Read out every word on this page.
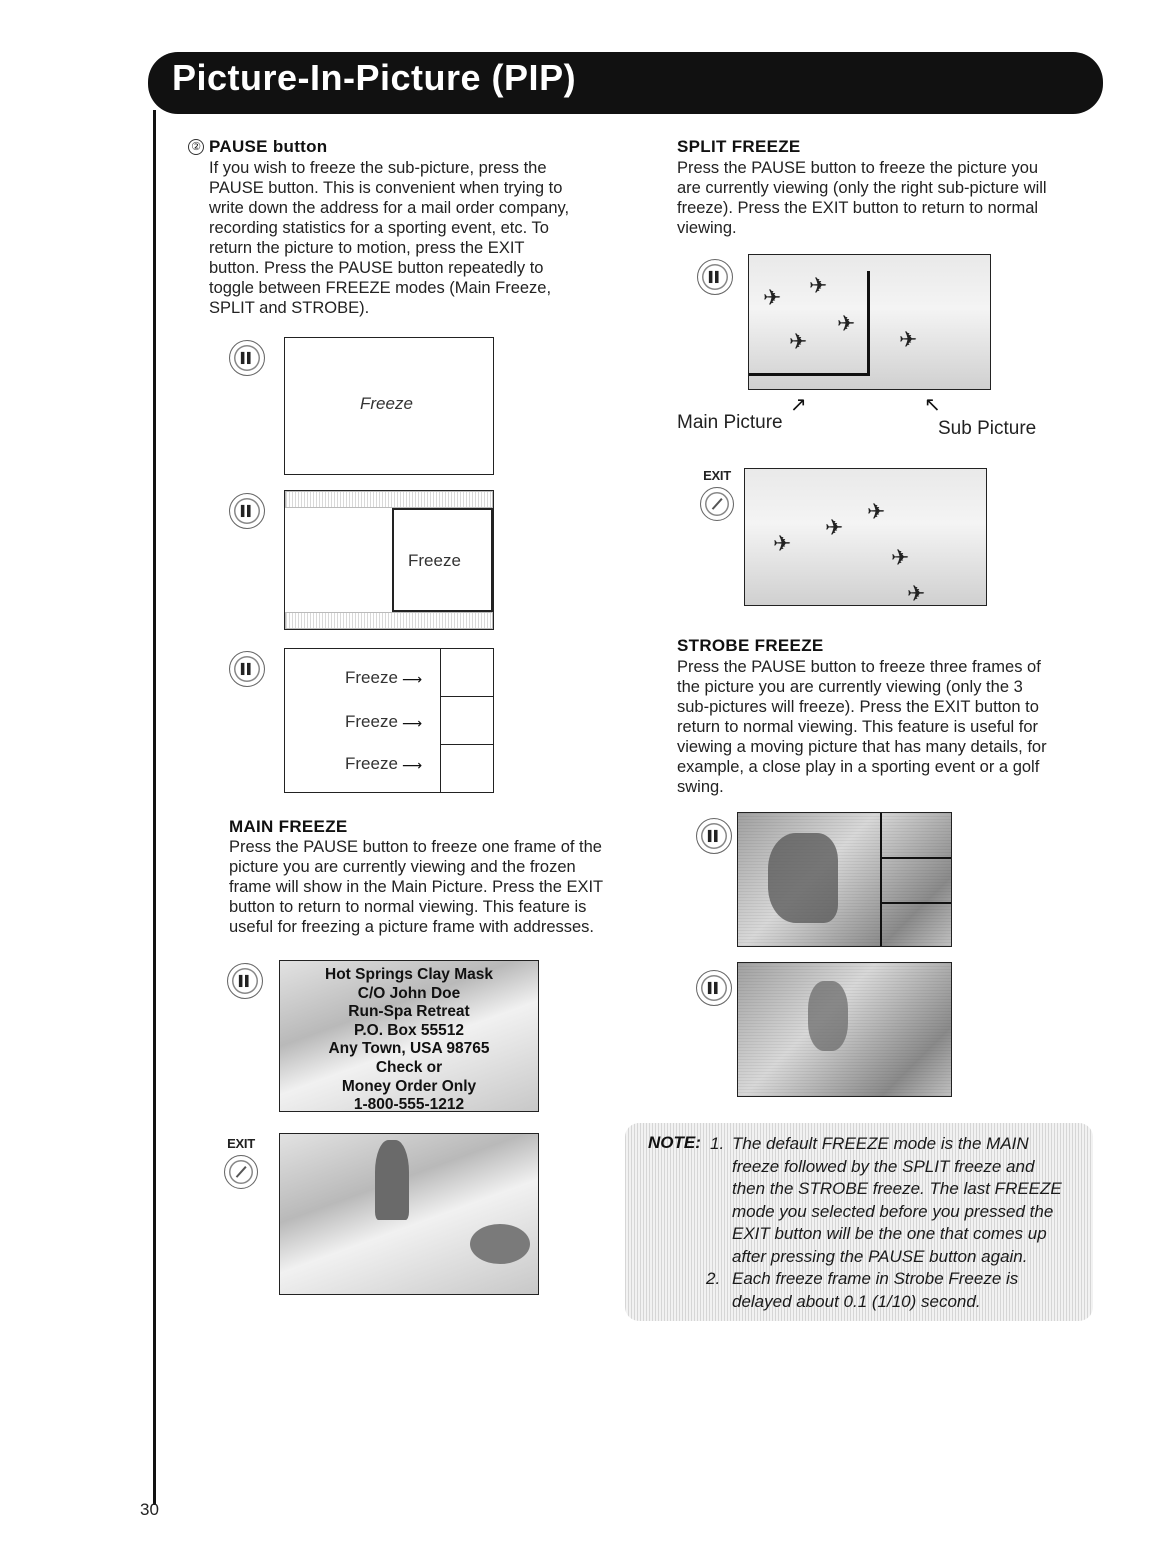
Picture-In-Picture (PIP)
30
② PAUSE button
If you wish to freeze the sub-picture, press the
PAUSE button. This is convenient when trying to
write down the address for a mail order company,
recording statistics for a sporting event, etc. To
return the picture to motion, press the EXIT
button. Press the PAUSE button repeatedly to
toggle between FREEZE modes (Main Freeze,
SPLIT and STROBE).
▌▌
Freeze
▌▌
Freeze
▌▌	Freeze ⟶
Freeze ⟶
Freeze ⟶
MAIN FREEZE
Press the PAUSE button to freeze one frame of the
picture you are currently viewing and the frozen
frame will show in the Main Picture. Press the EXIT
button to return to normal viewing. This feature is
useful for freezing a picture frame with addresses.
▌▌	Hot Springs Clay Mask
C/O John Doe
Run-Spa Retreat
P.O. Box 55512
Any Town, USA 98765
Check or
Money Order Only
1-800-555-1212
EXIT
SPLIT FREEZE
Press the PAUSE button to freeze the picture you
are currently viewing (only the right sub-picture will
freeze). Press the EXIT button to return to normal
viewing.
▌▌
✈ ✈
✈
✈	✈
Main Picture	Sub Picture
↗	↖
EXIT
✈
✈
✈
✈
✈
STROBE FREEZE
Press the PAUSE button to freeze three frames of
the picture you are currently viewing (only the 3
sub-pictures will freeze). Press the EXIT button to
return to normal viewing. This feature is useful for
viewing a moving picture that has many details, for
example, a close play in a sporting event or a golf
swing.
▌▌
▌▌
NOTE: 1. The default FREEZE mode is the MAIN
freeze followed by the SPLIT freeze and
then the STROBE freeze. The last FREEZE
mode you selected before you pressed the
EXIT button will be the one that comes up
after pressing the PAUSE button again.
2. Each freeze frame in Strobe Freeze is
delayed about 0.1 (1/10) second.
